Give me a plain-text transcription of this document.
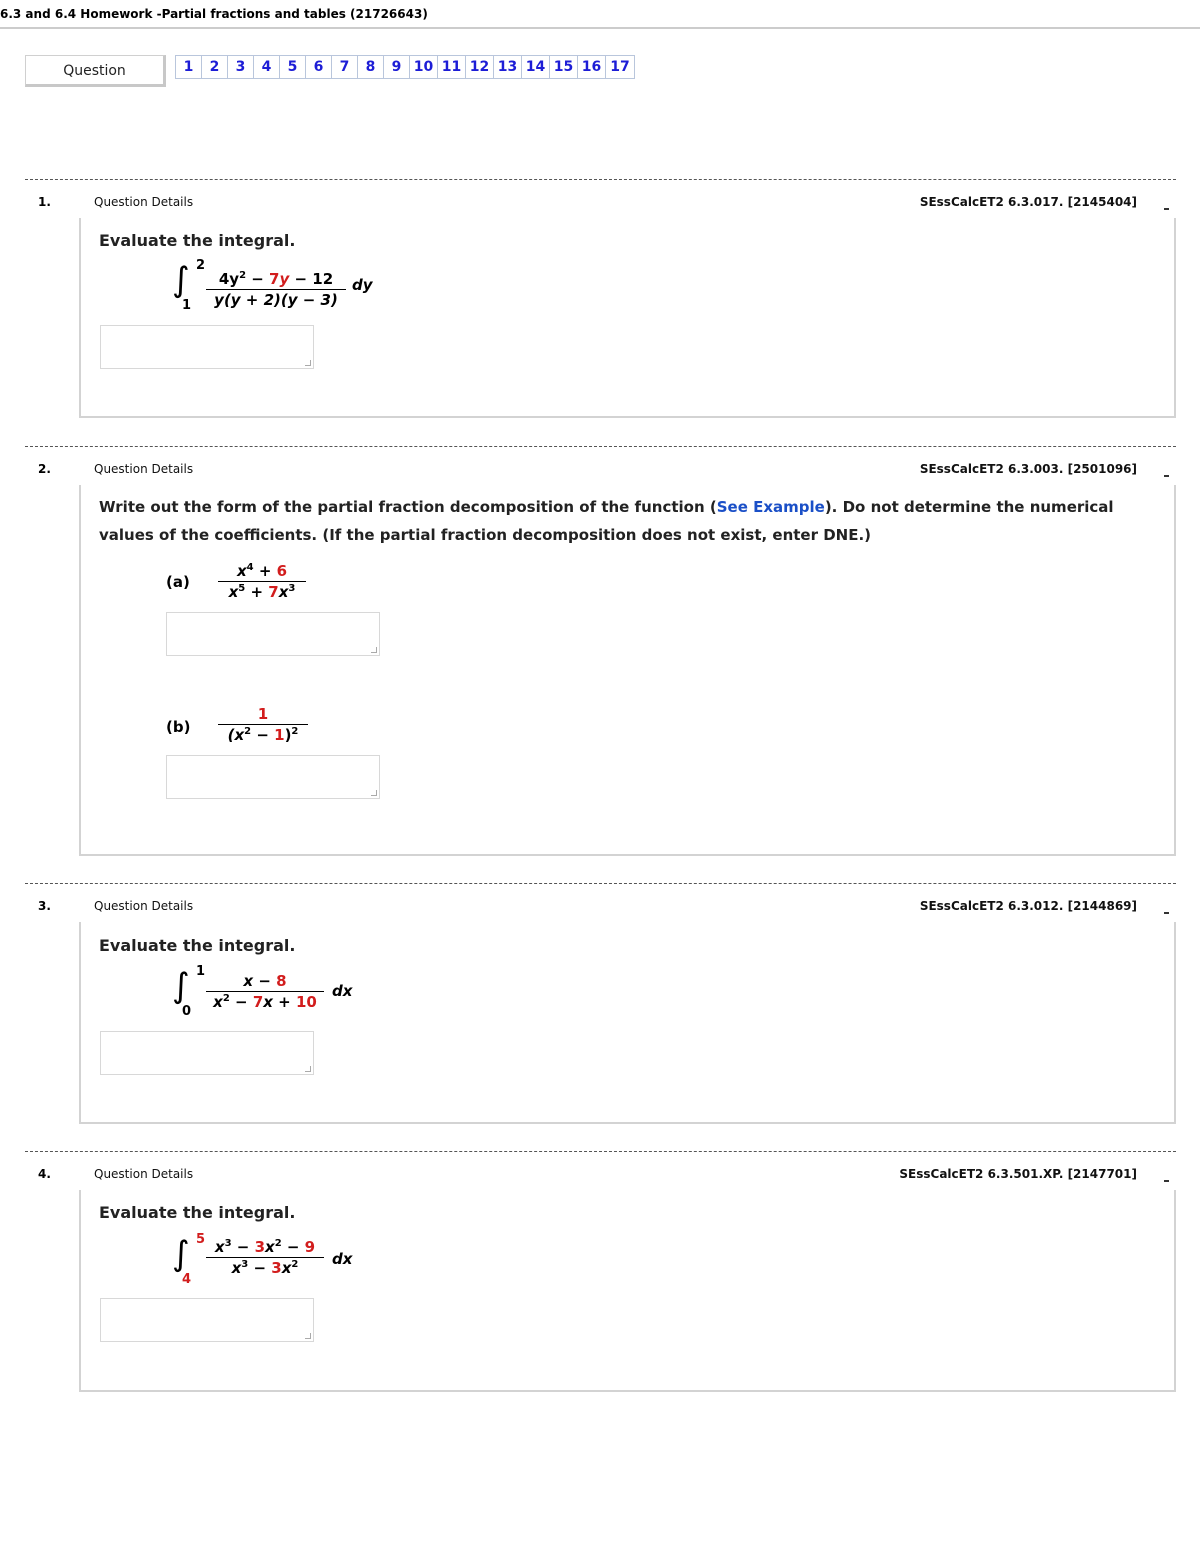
6.3 and 6.4 Homework -Partial fractions and tables (21726643)
Question	1	2	3	4	5	6	7	8	9 10 11 12 13 14 15 16 17
1.	Question Details	SEssCalcET2 6.3.017. [2145404]
Evaluate the integral.
∫ 2
1
$4y^2 - 7y - 12$
y(y + 2)(y − 3)
dy
2.	Question Details	SEssCalcET2 6.3.003. [2501096]
Write out the form of the partial fraction decomposition of the function (See Example). Do not determine the numerical values of the coefficients. (If the partial fraction decomposition does not exist, enter DNE.)
(a)
$x^4 + 6$
$x^5 + 7x^3$
(b)
1
$(x^2 - 1)^2$
3.	Question Details	SEssCalcET2 6.3.012. [2144869]
Evaluate the integral.
∫ 1
0
x − 8
$x^2 - 7x + 10$
dx
4.	Question Details	SEssCalcET2 6.3.501.XP. [2147701]
Evaluate the integral.
∫ 5
4
$x^3 - 3x^2 - 9$
$x^3 - 3x^2$	dx
